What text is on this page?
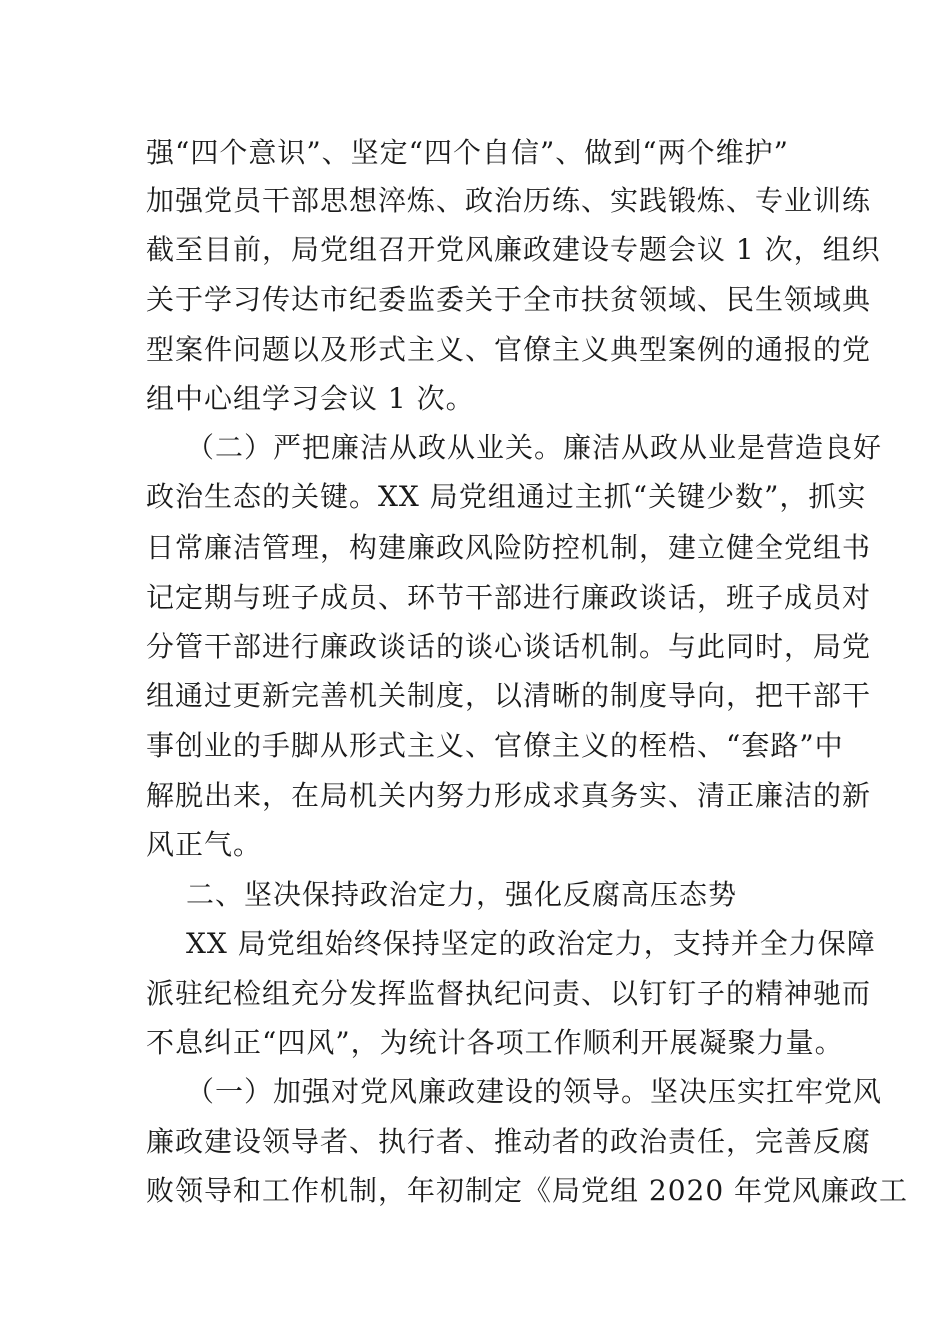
强“四个意识”、坚定“四个自信”、做到“两个维护”
加强党员干部思想淬炼、政治历练、实践锻炼、专业训练
截至目前，局党组召开党风廉政建设专题会议 1 次，组织
关于学习传达市纪委监委关于全市扶贫领域、民生领域典
型案件问题以及形式主义、官僚主义典型案例的通报的党
组中心组学习会议 1 次。
（二）严把廉洁从政从业关。廉洁从政从业是营造良好
政治生态的关键。XX 局党组通过主抓“关键少数”，抓实
日常廉洁管理，构建廉政风险防控机制，建立健全党组书
记定期与班子成员、环节干部进行廉政谈话，班子成员对
分管干部进行廉政谈话的谈心谈话机制。与此同时，局党
组通过更新完善机关制度，以清晰的制度导向，把干部干
事创业的手脚从形式主义、官僚主义的桎梏、“套路”中
解脱出来，在局机关内努力形成求真务实、清正廉洁的新
风正气。
二、坚决保持政治定力，强化反腐高压态势
XX 局党组始终保持坚定的政治定力，支持并全力保障
派驻纪检组充分发挥监督执纪问责、以钉钉子的精神驰而
不息纠正“四风”，为统计各项工作顺利开展凝聚力量。
（一）加强对党风廉政建设的领导。坚决压实扛牢党风
廉政建设领导者、执行者、推动者的政治责任，完善反腐
败领导和工作机制，年初制定《局党组 2020 年党风廉政工
